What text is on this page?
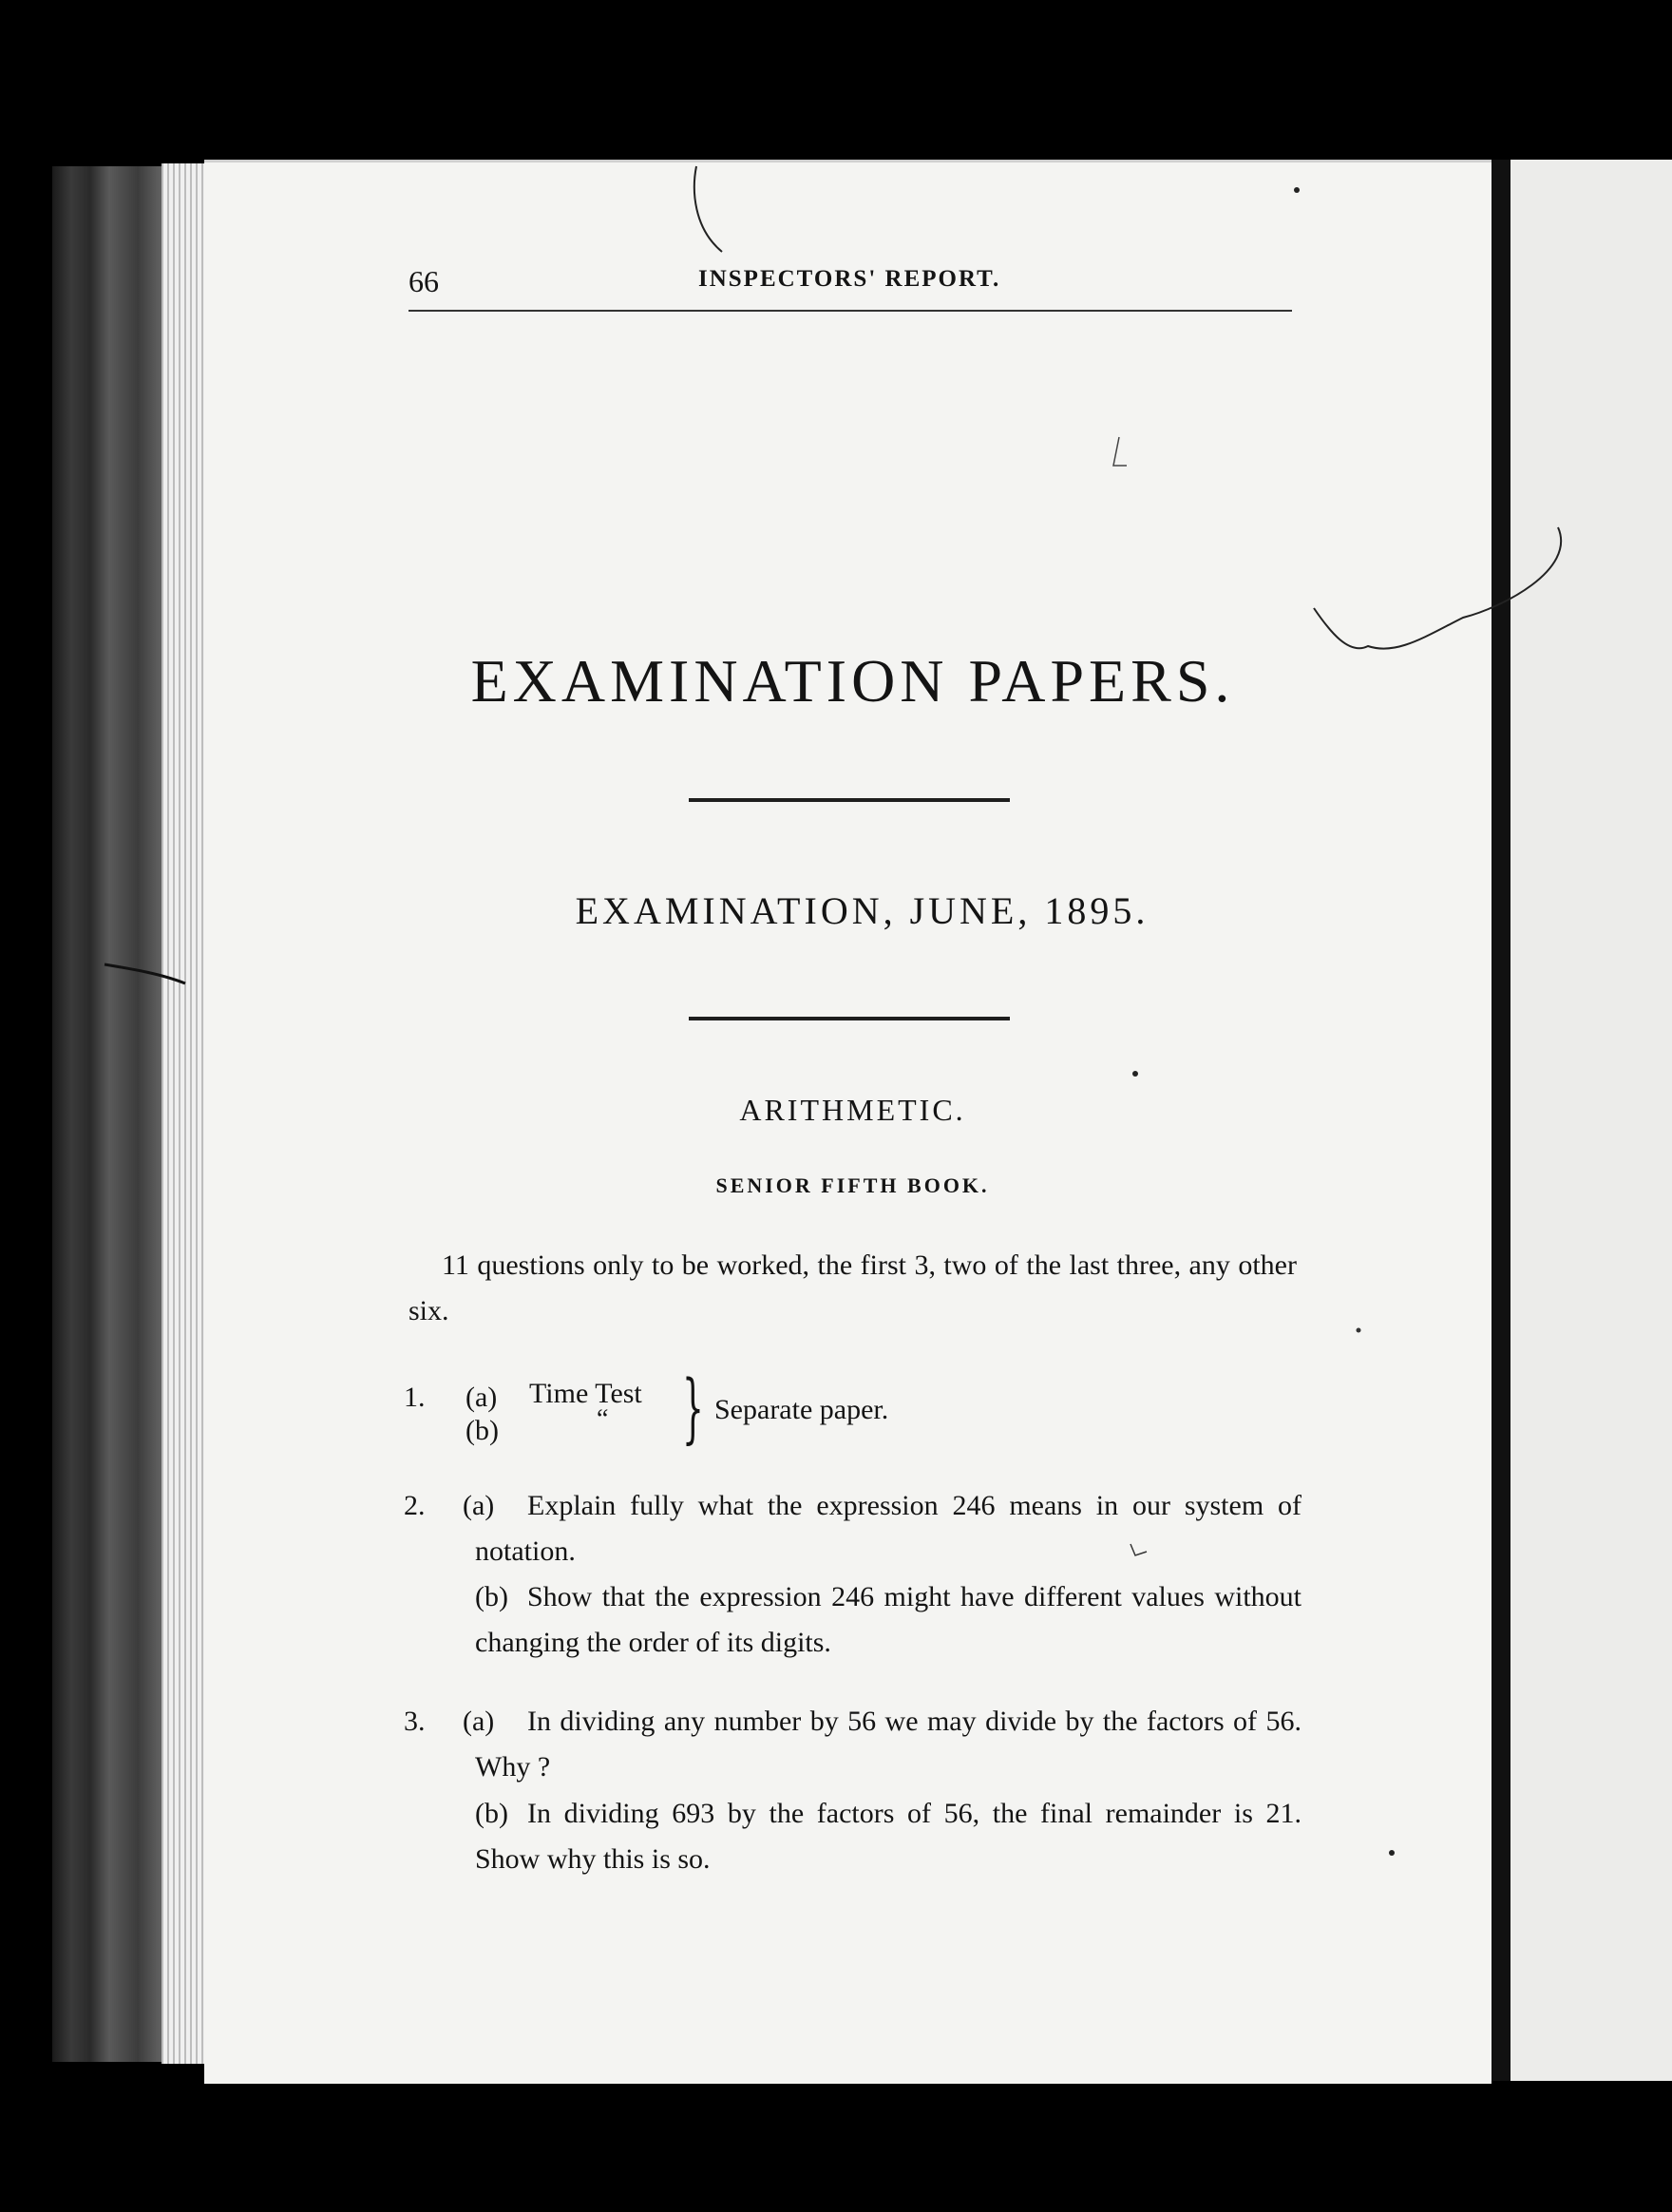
66	INSPECTORS' REPORT.
EXAMINATION PAPERS.
EXAMINATION, JUNE, 1895.
ARITHMETIC.
SENIOR FIFTH BOOK.
11 questions only to be worked, the first 3, two of the last three, any other six.
1. (a) Time Test
(b)	“ } Separate paper.
2. (a)	Explain fully what the expression 246 means in our system of notation.
(b) Show that the expression 246 might have different values without changing the order of its digits.
3. (a)	In dividing any number by 56 we may divide by the factors of 56. Why ?
(b) In dividing 693 by the factors of 56, the final remainder is 21. Show why this is so.
